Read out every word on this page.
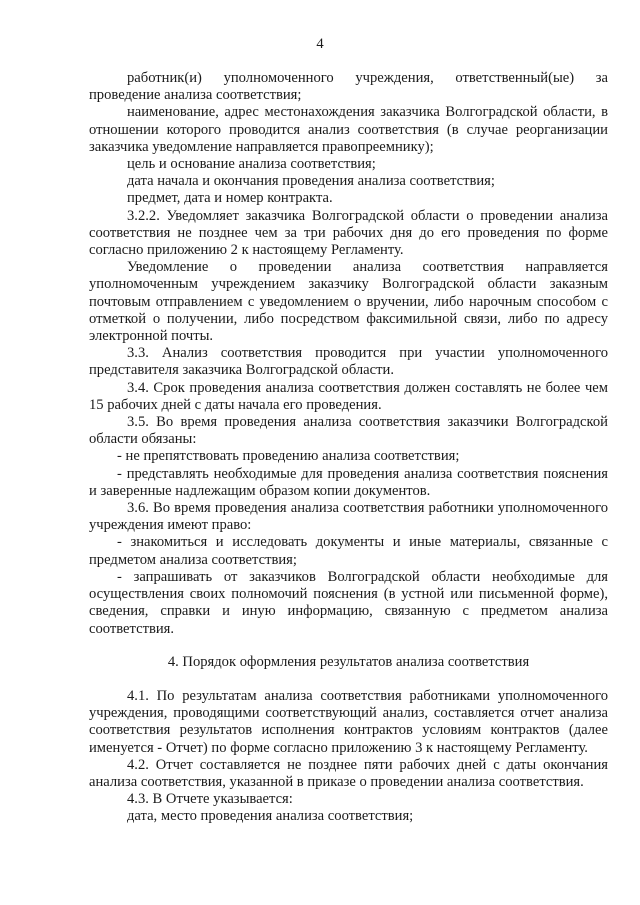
4

работник(и) уполномоченного учреждения, ответственный(ые) за проведение анализа соответствия;

наименование, адрес местонахождения заказчика Волгоградской области, в отношении которого проводится анализ соответствия (в случае реорганизации заказчика уведомление направляется правопреемнику);

цель и основание анализа соответствия;

дата начала и окончания проведения анализа соответствия;

предмет, дата и номер контракта.

3.2.2. Уведомляет заказчика Волгоградской области о проведении анализа соответствия не позднее чем за три рабочих дня до его проведения по форме согласно приложению 2 к настоящему Регламенту.

Уведомление о проведении анализа соответствия направляется уполномоченным учреждением заказчику Волгоградской области заказным почтовым отправлением с уведомлением о вручении, либо нарочным способом с отметкой о получении, либо посредством факсимильной связи, либо по адресу электронной почты.

3.3. Анализ соответствия проводится при участии уполномоченного представителя заказчика Волгоградской области.

3.4. Срок проведения анализа соответствия должен составлять не более чем 15 рабочих дней с даты начала его проведения.

3.5. Во время проведения анализа соответствия заказчики Волгоградской области обязаны:

- не препятствовать проведению анализа соответствия;

- представлять необходимые для проведения анализа соответствия пояснения и заверенные надлежащим образом копии документов.

3.6. Во время проведения анализа соответствия работники уполномоченного учреждения имеют право:

- знакомиться и исследовать документы и иные материалы, связанные с предметом анализа соответствия;

- запрашивать от заказчиков Волгоградской области необходимые для осуществления своих полномочий пояснения (в устной или письменной форме), сведения, справки и иную информацию, связанную с предметом анализа соответствия.

4. Порядок оформления результатов анализа соответствия

4.1. По результатам анализа соответствия работниками уполномоченного учреждения, проводящими соответствующий анализ, составляется отчет анализа соответствия результатов исполнения контрактов условиям контрактов (далее именуется - Отчет) по форме согласно приложению 3 к настоящему Регламенту.

4.2. Отчет составляется не позднее пяти рабочих дней с даты окончания анализа соответствия, указанной в приказе о проведении анализа соответствия.

4.3. В Отчете указывается:

дата, место проведения анализа соответствия;
